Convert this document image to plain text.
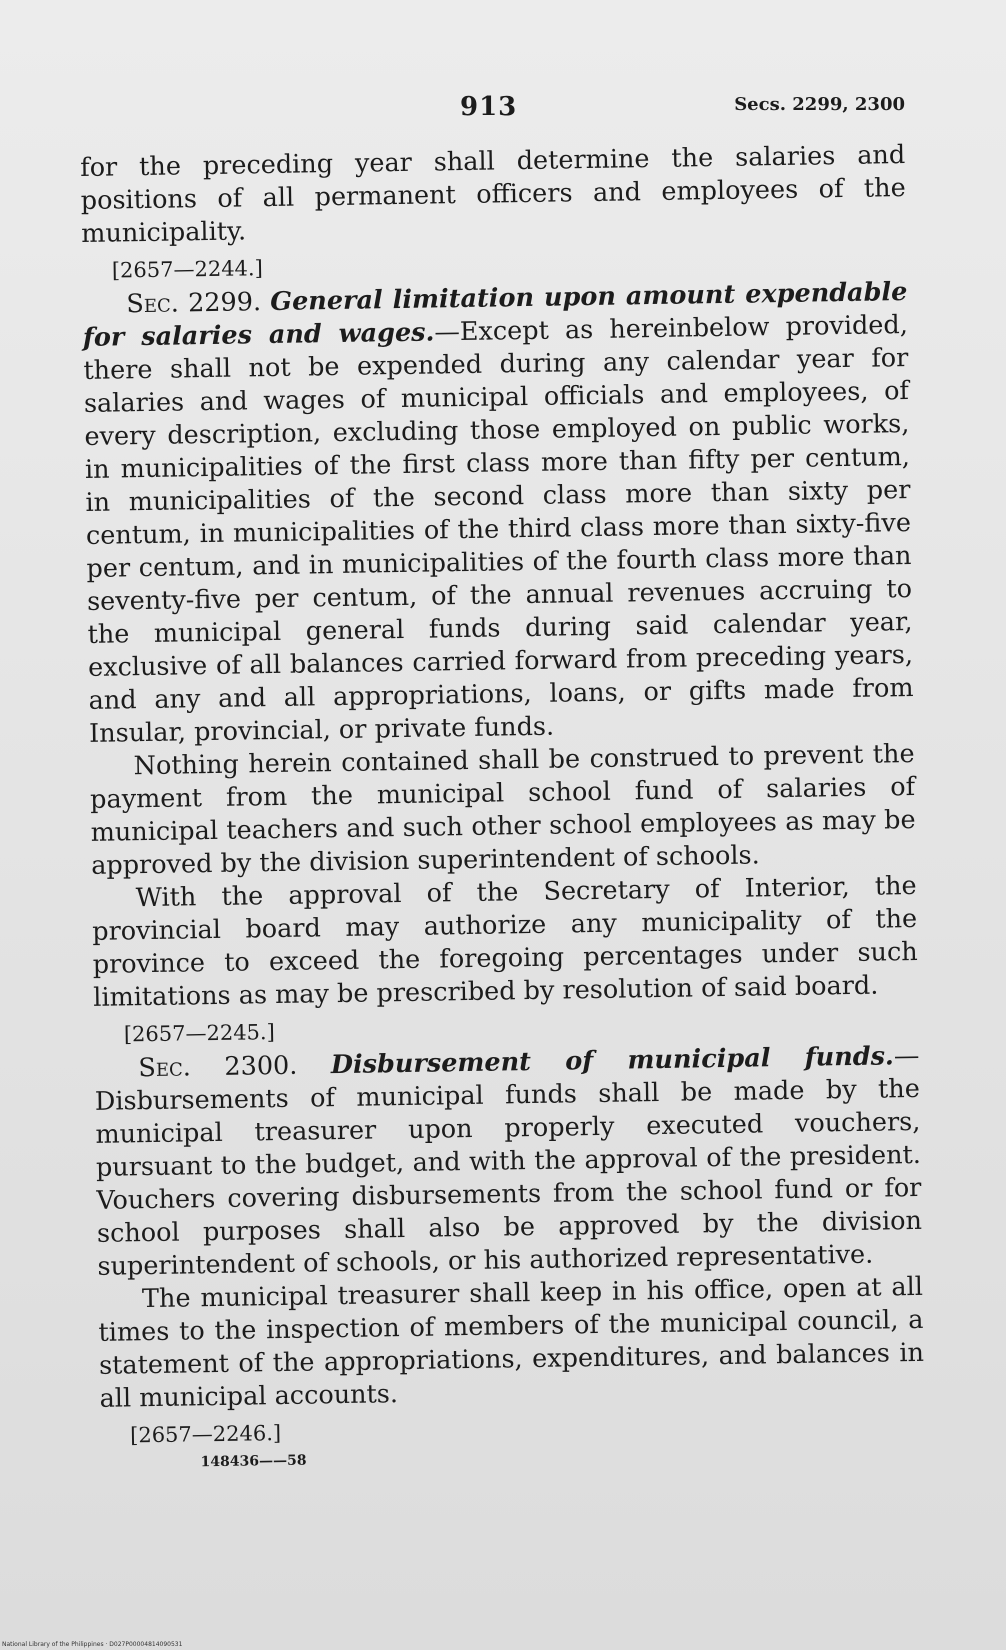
913	Secs. 2299, 2300

for the preceding year shall determine the salaries and positions of all permanent officers and employees of the municipality.

[2657—2244.]

Sec. 2299. General limitation upon amount expendable for salaries and wages.—Except as hereinbelow provided, there shall not be expended during any calendar year for salaries and wages of municipal officials and employees, of every description, excluding those employed on public works, in municipalities of the first class more than fifty per centum, in municipalities of the second class more than sixty per centum, in municipalities of the third class more than sixty-five per centum, and in municipalities of the fourth class more than seventy-five per centum, of the annual revenues accruing to the municipal general funds during said calendar year, exclusive of all balances carried forward from preceding years, and any and all appropriations, loans, or gifts made from Insular, provincial, or private funds.

Nothing herein contained shall be construed to prevent the payment from the municipal school fund of salaries of municipal teachers and such other school employees as may be approved by the division superintendent of schools.

With the approval of the Secretary of Interior, the provincial board may authorize any municipality of the province to exceed the foregoing percentages under such limitations as may be prescribed by resolution of said board.

[2657—2245.]

Sec. 2300. Disbursement of municipal funds.—Disbursements of municipal funds shall be made by the municipal treasurer upon properly executed vouchers, pursuant to the budget, and with the approval of the president. Vouchers covering disbursements from the school fund or for school purposes shall also be approved by the division superintendent of schools, or his authorized representative.

The municipal treasurer shall keep in his office, open at all times to the inspection of members of the municipal council, a statement of the appropriations, expenditures, and balances in all municipal accounts.

[2657—2246.]

148436——58

National Library of the Philippines · D027P00004814090531
